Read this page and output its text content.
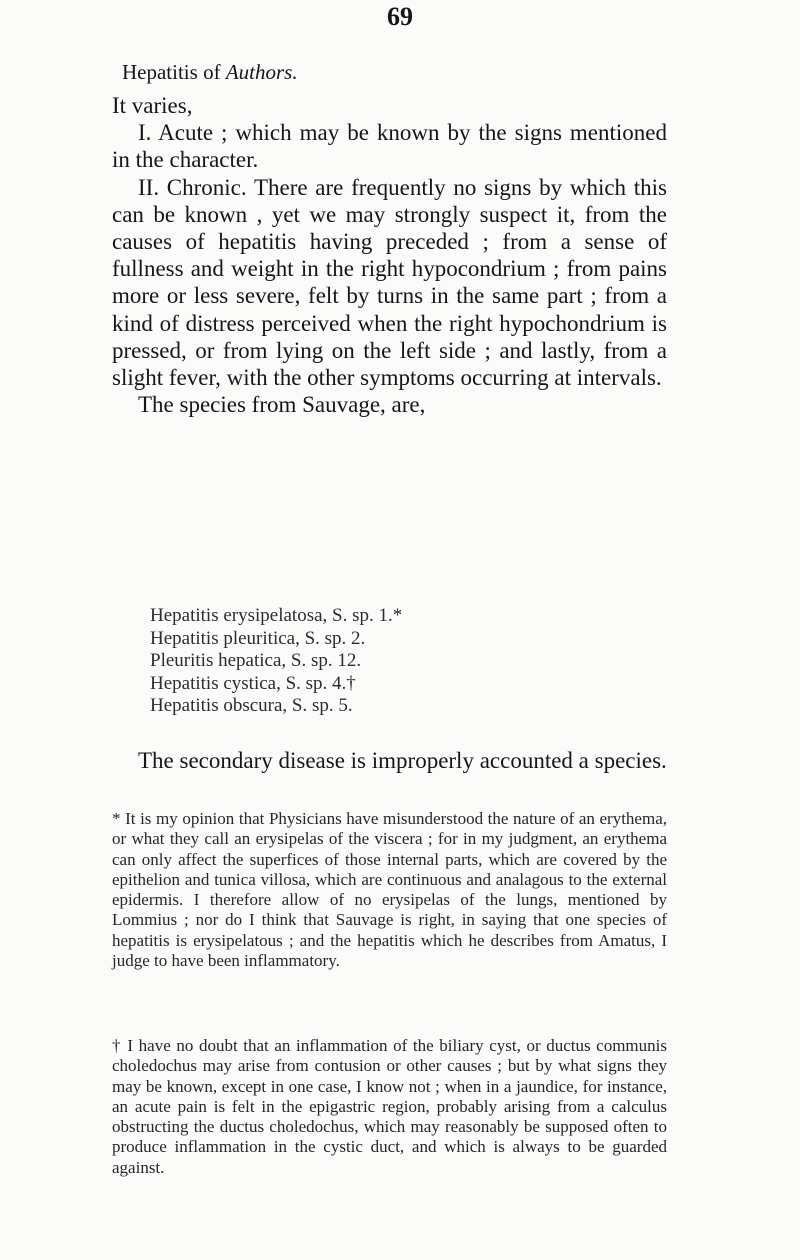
69
Hepatitis of Authors.

It varies,

I. Acute ; which may be known by the signs mentioned in the character.

II. Chronic. There are frequently no signs by which this can be known , yet we may strongly suspect it, from the causes of hepatitis having preceded ; from a sense of fullness and weight in the right hypocondrium ; from pains more or less severe, felt by turns in the same part ; from a kind of distress perceived when the right hypochondrium is pressed, or from lying on the left side ; and lastly, from a slight fever, with the other symptoms occurring at intervals.

The species from Sauvage, are,

Hepatitis erysipelatosa, S. sp. 1.*
Hepatitis pleuritica, S. sp. 2.
Pleuritis hepatica, S. sp. 12.
Hepatitis cystica, S. sp. 4.†
Hepatitis obscura, S. sp. 5.

The secondary disease is improperly accounted a species.

* It is my opinion that Physicians have misunderstood the nature of an erythema, or what they call an erysipelas of the viscera ; for in my judgment, an erythema can only affect the superfices of those internal parts, which are covered by the epithelion and tunica villosa, which are continuous and analagous to the external epidermis. I therefore allow of no erysipelas of the lungs, mentioned by Lommius ; nor do I think that Sauvage is right, in saying that one species of hepatitis is erysipelatous ; and the hepatitis which he describes from Amatus, I judge to have been inflammatory.

† I have no doubt that an inflammation of the biliary cyst, or ductus communis choledochus may arise from contusion or other causes ; but by what signs they may be known, except in one case, I know not ; when in a jaundice, for instance, an acute pain is felt in the epigastric region, probably arising from a calculus obstructing the ductus choledochus, which may reasonably be supposed often to produce inflammation in the cystic duct, and which is always to be guarded against.
